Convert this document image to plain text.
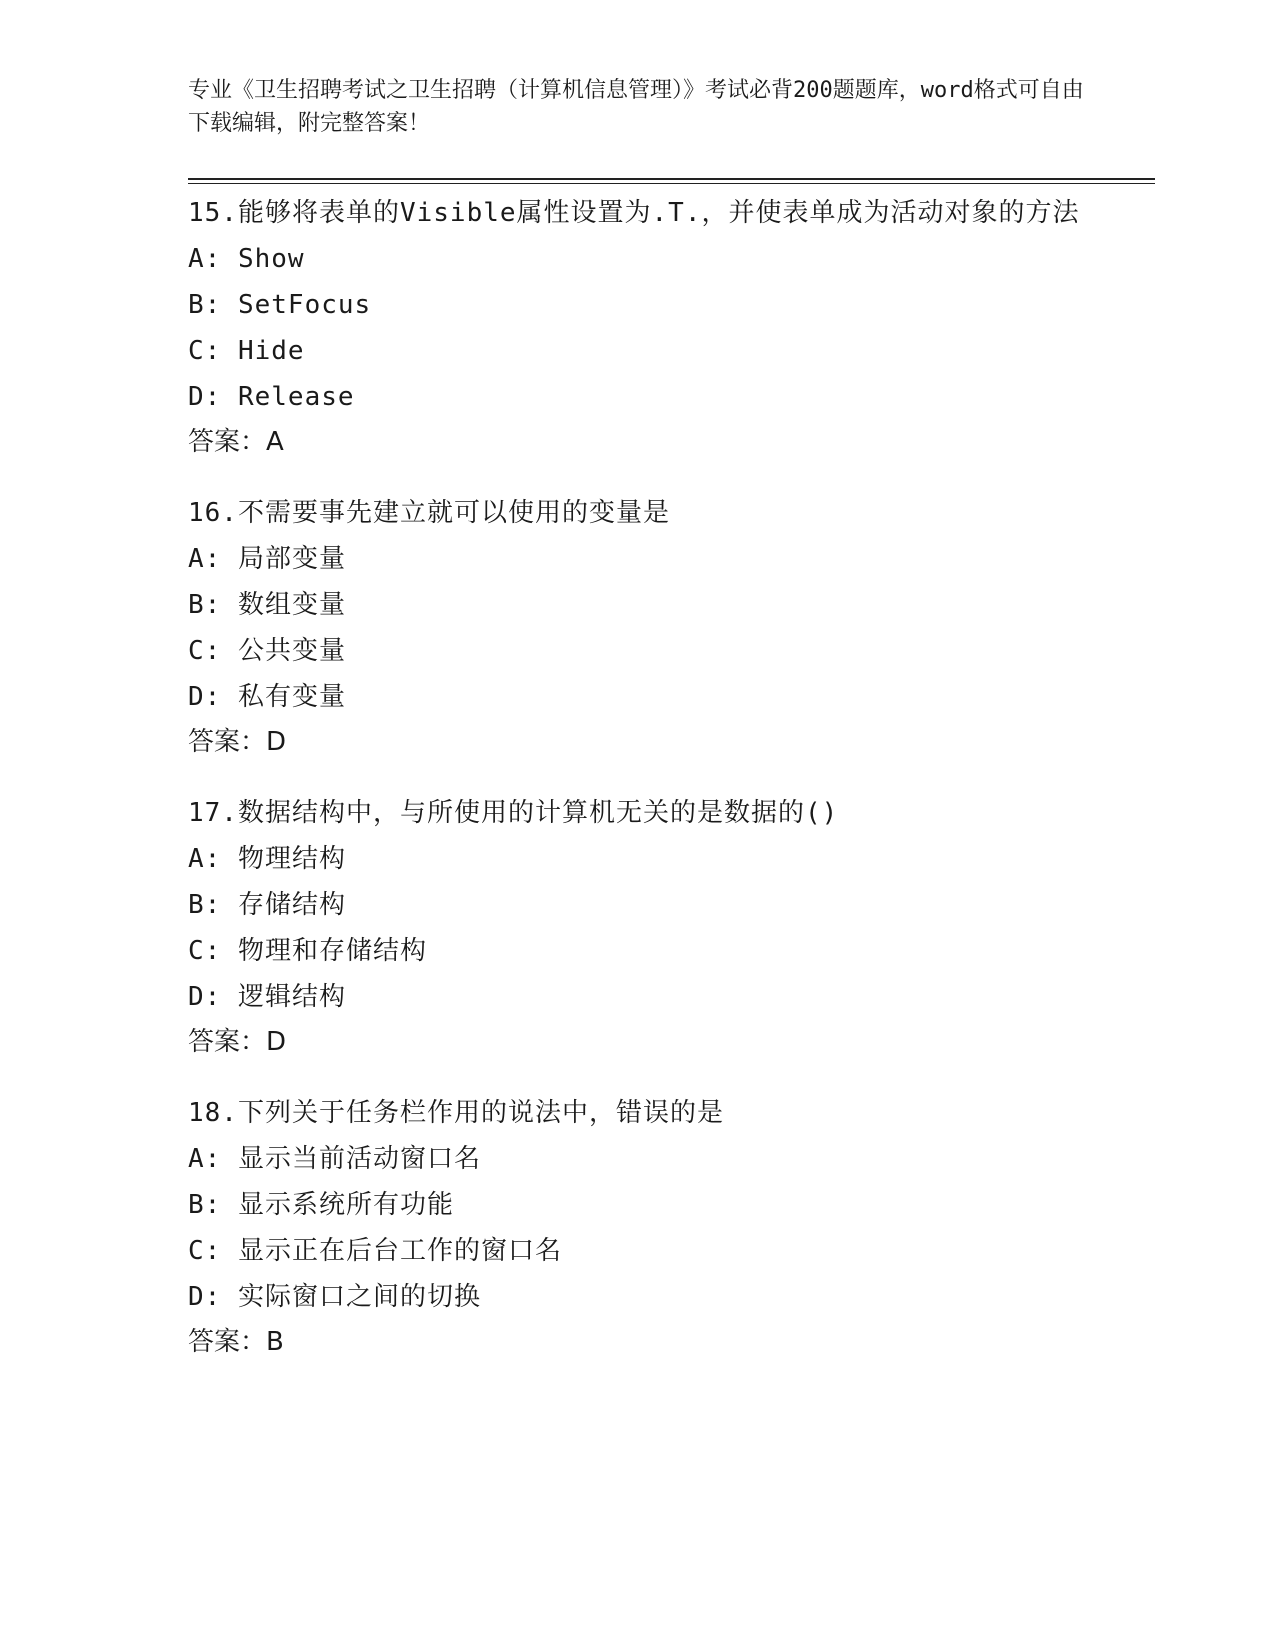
专业《卫生招聘考试之卫生招聘（计算机信息管理）》考试必背200题题库，word格式可自由下载编辑，附完整答案！

15.能够将表单的Visible属性设置为.T.，并使表单成为活动对象的方法

A: Show

B: SetFocus

C: Hide

D: Release

答案：A

16.不需要事先建立就可以使用的变量是

A: 局部变量

B: 数组变量

C: 公共变量

D: 私有变量

答案：D

17.数据结构中，与所使用的计算机无关的是数据的()

A: 物理结构

B: 存储结构

C: 物理和存储结构

D: 逻辑结构

答案：D

18.下列关于任务栏作用的说法中，错误的是

A: 显示当前活动窗口名

B: 显示系统所有功能

C: 显示正在后台工作的窗口名

D: 实际窗口之间的切换

答案：B
